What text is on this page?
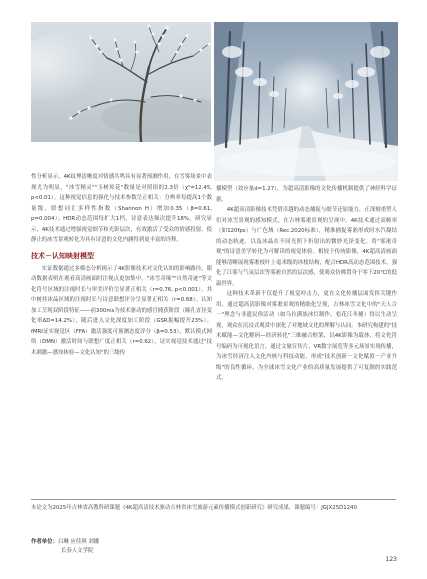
性分析显示，4K纹理清晰度对情感共鸣具有显著预测作用，在雪雾场景中表现尤为明显，"冰雪精灵""玉树琼花"数量是对照组的2.3倍（χ²=12.45, p<0.01）。这种视觉信息的强化与技术参数呈正相关：分辨率每提高1个数量级，联想词汇多样性指数（Shannon H）增加0.35（β=0.61, p=0.004）；HDR动态范围每扩大1档，诗意表达频次提升18%。研究显示，4K技术通过增强视觉细节和光影层次，有效激活了受众的情感投射，使静止的冰雪景观转化为具有诗意的文化内涵得到更丰富的诠释。

技术－认知映射模型

实证数据通过多模态分析揭示了4K影像技术对文化认知的影响路径。眼动数据表明在观看高清画面时注视点更加集中，"冰雪奇缘""自然奇迹"等文化符号区域的注视时长与审美评价呈显著正相关（r=0.76, p<0.001），其中树挂冰晶区域的注视时长与诗意联想评分呈显著正相关（r=0.68）。认知加工呈现双阶段特征——前300ms为技术驱动的感官捕获阶段（瞳孔直径变化率ΔD=14.2%），随后进入文化深度加工阶段（GSR振幅提升23%）。fMRI证实视觉区（FFA）激活强度可预测态度评分（β=0.53），默认模式网络（DMN）激活时间与联想广度正相关（r=0.62），证实视觉技术通过"技术刺激—感知体验—文化认知"的三级传

播模型（效应量d=1.27），为超高清影像的文化传播机制提供了神经科学证据。

4K超高清影像技术凭借卓越的动态捕捉与细节还原能力，正深刻重塑人们对冰雪景观的感知模式。在吉林雾凇景观的呈现中，4K技术通过高帧率（如120fps）与广色域（Rec.2020标准），精准捕捉雾凇形成时水汽凝结的动态轨迹，以及冰晶在不同光照下折射出的微妙光泽变化。将"雾凇奇观"的诗意美学转化为可解读的视觉体验。相较于传统影像，4K超高清画面能够清晰展现雾凇枝叶上毫米级的冰棱结构，配合HDR高动态范围技术，强化了江雾与气氛层次等雾凇自然的层次感，使观众仿佛置身于零下20℃的低温世界。

这种技术革新不仅提升了视觉冲击力，更在文化传播层面发挥关键作用。通过超高清影像对雾凇景观的精细化呈现，吉林冰雪文化中的"天人合一"理念与非遗民俗活动（如乌拉满族冰灯制作、松花江冬捕）得以生动呈现，观众在沉浸式观赏中深化了对地域文化的理解与认同。本研究构建的"技术赋能—文化解码—经济转化"三维融合框架，以4K影像为载体，将文化符号编码为可视化语言，通过文旅宣传片、VR数字展览等多元场景实现传播，为冰雪经济注入文化内核与科技动能，形成"技术创新－文化赋值－产业升级"的良性循环，为全球冰雪文化产业的高质量发展提供了可复制的实践范式。

本论文为2025年吉林省高教科研课题《4K超高清技术驱动吉林省冰雪旅游元素传播模式创新研究》研究成果，课题编号：JGJX25D1240
作者单位：吕琳 应佳琪 刘娜
长春人文学院
123
